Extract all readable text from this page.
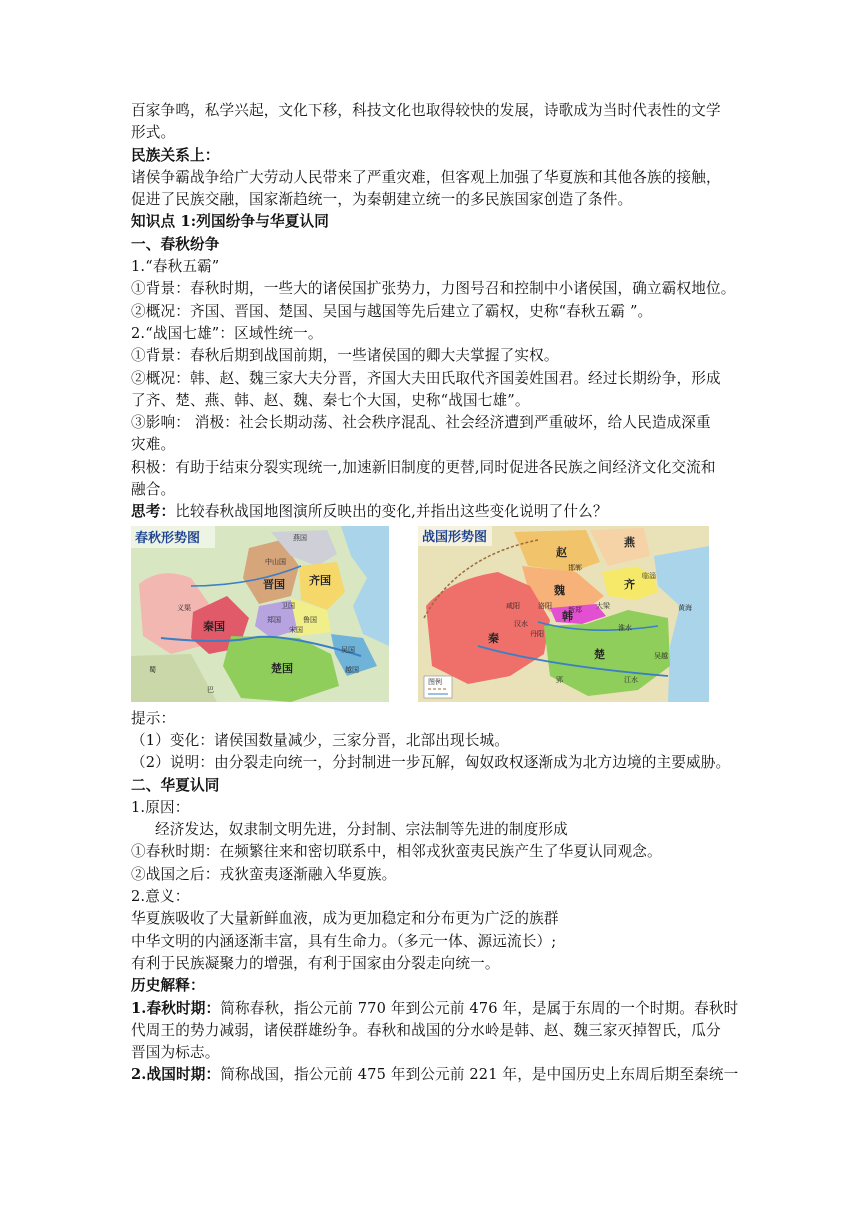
百家争鸣，私学兴起，文化下移，科技文化也取得较快的发展，诗歌成为当时代表性的文学
形式。
民族关系上：
诸侯争霸战争给广大劳动人民带来了严重灾难，但客观上加强了华夏族和其他各族的接触，
促进了民族交融，国家渐趋统一，为秦朝建立统一的多民族国家创造了条件。
知识点 1:列国纷争与华夏认同
一、春秋纷争
1.“春秋五霸”
①背景：春秋时期，一些大的诸侯国扩张势力，力图号召和控制中小诸侯国，确立霸权地位。
②概况：齐国、晋国、楚国、吴国与越国等先后建立了霸权，史称“春秋五霸 ”。
2.“战国七雄”：区域性统一。
①背景：春秋后期到战国前期，一些诸侯国的卿大夫掌握了实权。
②概况：韩、赵、魏三家大夫分晋，齐国大夫田氏取代齐国姜姓国君。经过长期纷争，形成
了齐、楚、燕、韩、赵、魏、秦七个大国，史称“战国七雄”。
③影响： 消极：社会长期动荡、社会秩序混乱、社会经济遭到严重破坏，给人民造成深重
灾难。
积极：有助于结束分裂实现统一,加速新旧制度的更替,同时促进各民族之间经济文化交流和
融合。
思考：比较春秋战国地图演所反映出的变化,并指出这些变化说明了什么？
春秋形势图	燕国
中山国
晋国 齐国
鲁国
秦国	郑国
宋国
卫国
吴国
越国
楚国
义渠
蜀
巴
战国形势图
赵
燕
齐
魏
韩
秦
楚
黄海
临淄
邯郸
大梁
咸阳
郢
洛阳 新郑
丹阳
汉水
江水
淮水
吴越
图例
提示：
（1）变化：诸侯国数量减少，三家分晋，北部出现长城。
（2）说明：由分裂走向统一，分封制进一步瓦解，匈奴政权逐渐成为北方边境的主要威胁。
二、华夏认同
1.原因：
经济发达，奴隶制文明先进，分封制、宗法制等先进的制度形成
①春秋时期：在频繁往来和密切联系中，相邻戎狄蛮夷民族产生了华夏认同观念。
②战国之后：戎狄蛮夷逐渐融入华夏族。
2.意义：
华夏族吸收了大量新鲜血液，成为更加稳定和分布更为广泛的族群
中华文明的内涵逐渐丰富，具有生命力。（多元一体、源远流长）;
有利于民族凝聚力的增强，有利于国家由分裂走向统一。
历史解释：
1.春秋时期：简称春秋，指公元前 770 年到公元前 476 年，是属于东周的一个时期。春秋时
代周王的势力减弱，诸侯群雄纷争。春秋和战国的分水岭是韩、赵、魏三家灭掉智氏，瓜分
晋国为标志。
2.战国时期：简称战国，指公元前 475 年到公元前 221 年，是中国历史上东周后期至秦统一
